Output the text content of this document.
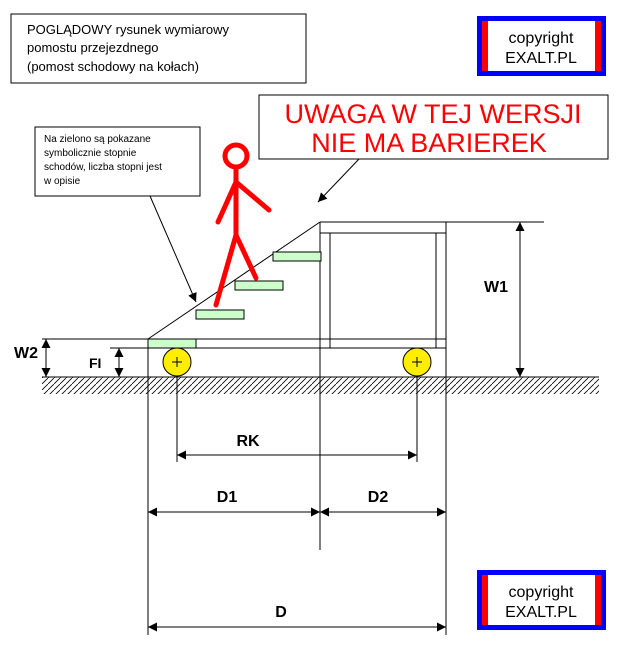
POGLĄDOWY rysunek wymiarowy
pomostu przejezdnego
(pomost schodowy na kołach)
copyright
EXALT.PL
UWAGA W TEJ WERSJI
NIE MA BARIEREK
Na zielono są pokazane
symbolicznie stopnie
schodów, liczba stopni jest
w opisie
W1
W2
FI
RK
D1	D2
D
copyright
EXALT.PL
